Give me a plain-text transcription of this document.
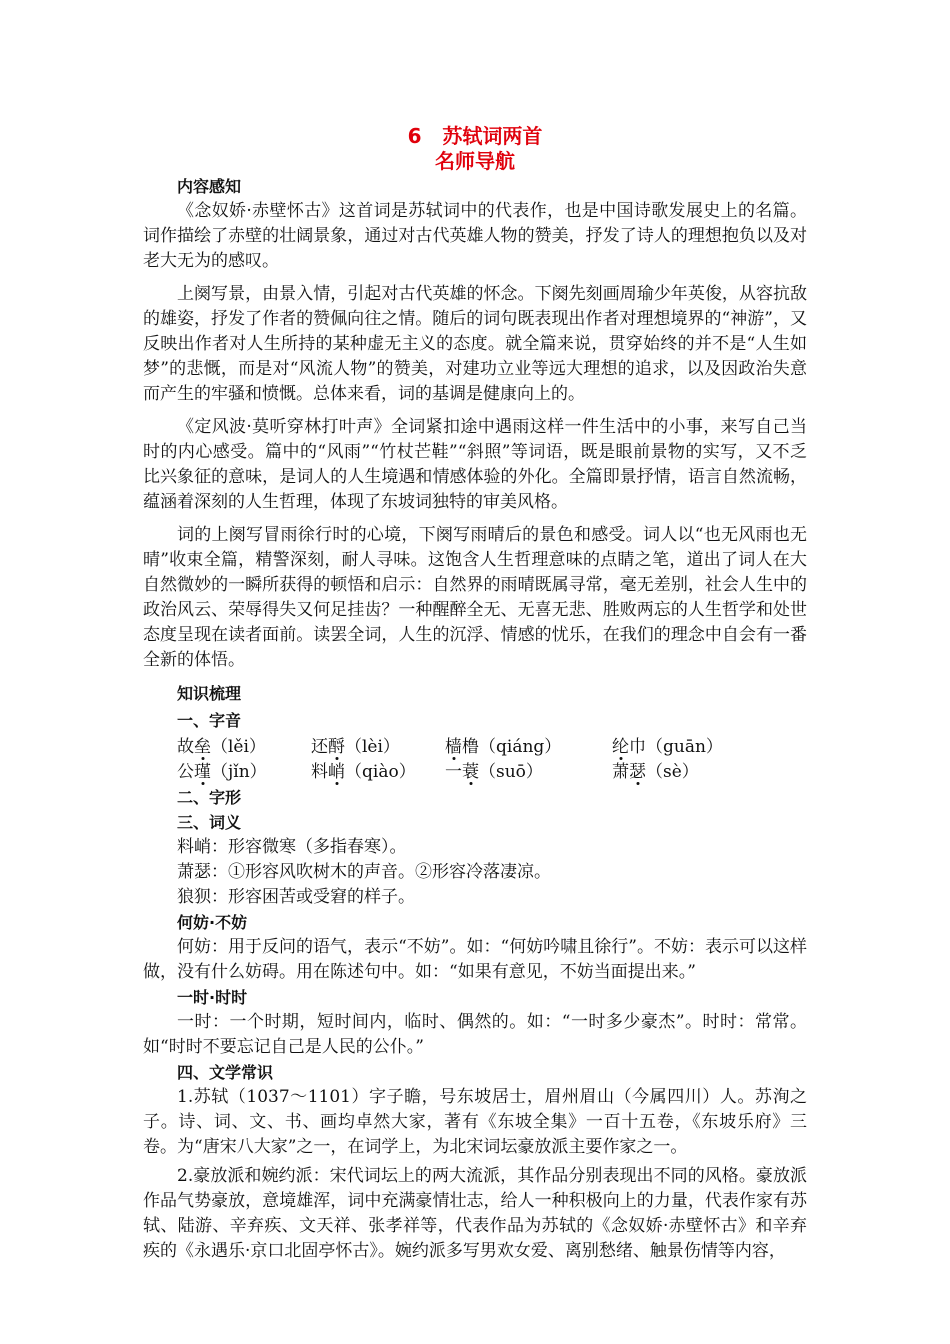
6 苏轼词两首
名师导航

内容感知

《念奴娇·赤壁怀古》这首词是苏轼词中的代表作，也是中国诗歌发展史上的名篇。词作描绘了赤壁的壮阔景象，通过对古代英雄人物的赞美，抒发了诗人的理想抱负以及对老大无为的感叹。

上阕写景，由景入情，引起对古代英雄的怀念。下阕先刻画周瑜少年英俊，从容抗敌的雄姿，抒发了作者的赞佩向往之情。随后的词句既表现出作者对理想境界的“神游”，又反映出作者对人生所持的某种虚无主义的态度。就全篇来说，贯穿始终的并不是“人生如梦”的悲慨，而是对“风流人物”的赞美，对建功立业等远大理想的追求，以及因政治失意而产生的牢骚和愤慨。总体来看，词的基调是健康向上的。

《定风波·莫听穿林打叶声》全词紧扣途中遇雨这样一件生活中的小事，来写自己当时的内心感受。篇中的“风雨”“竹杖芒鞋”“斜照”等词语，既是眼前景物的实写，又不乏比兴象征的意味，是词人的人生境遇和情感体验的外化。全篇即景抒情，语言自然流畅，蕴涵着深刻的人生哲理，体现了东坡词独特的审美风格。

词的上阕写冒雨徐行时的心境，下阕写雨晴后的景色和感受。词人以“也无风雨也无晴”收束全篇，精警深刻，耐人寻味。这饱含人生哲理意味的点睛之笔，道出了词人在大自然微妙的一瞬所获得的顿悟和启示：自然界的雨晴既属寻常，毫无差别，社会人生中的政治风云、荣辱得失又何足挂齿？一种醒醉全无、无喜无悲、胜败两忘的人生哲学和处世态度呈现在读者面前。读罢全词，人生的沉浮、情感的忧乐，在我们的理念中自会有一番全新的体悟。

知识梳理

一、字音

故垒（lěi）	还酹（lèi）	樯橹（qiáng）	纶巾（guān）
公瑾（jǐn）	料峭（qiào）	一蓑（suō）	萧瑟（sè）

二、字形

三、词义

料峭：形容微寒（多指春寒）。

萧瑟：①形容风吹树木的声音。②形容冷落凄凉。

狼狈：形容困苦或受窘的样子。

何妨·不妨

何妨：用于反问的语气，表示“不妨”。如：“何妨吟啸且徐行”。不妨：表示可以这样做，没有什么妨碍。用在陈述句中。如：“如果有意见，不妨当面提出来。”

一时·时时

一时：一个时期，短时间内，临时、偶然的。如：“一时多少豪杰”。时时：常常。如“时时不要忘记自己是人民的公仆。”

四、文学常识

1.苏轼（1037～1101）字子瞻，号东坡居士，眉州眉山（今属四川）人。苏洵之子。诗、词、文、书、画均卓然大家，著有《东坡全集》一百十五卷，《东坡乐府》三卷。为“唐宋八大家”之一，在词学上，为北宋词坛豪放派主要作家之一。

2.豪放派和婉约派：宋代词坛上的两大流派，其作品分别表现出不同的风格。豪放派作品气势豪放，意境雄浑，词中充满豪情壮志，给人一种积极向上的力量，代表作家有苏轼、陆游、辛弃疾、文天祥、张孝祥等，代表作品为苏轼的《念奴娇·赤壁怀古》和辛弃疾的《永遇乐·京口北固亭怀古》。婉约派多写男欢女爱、离别愁绪、触景伤情等内容，
